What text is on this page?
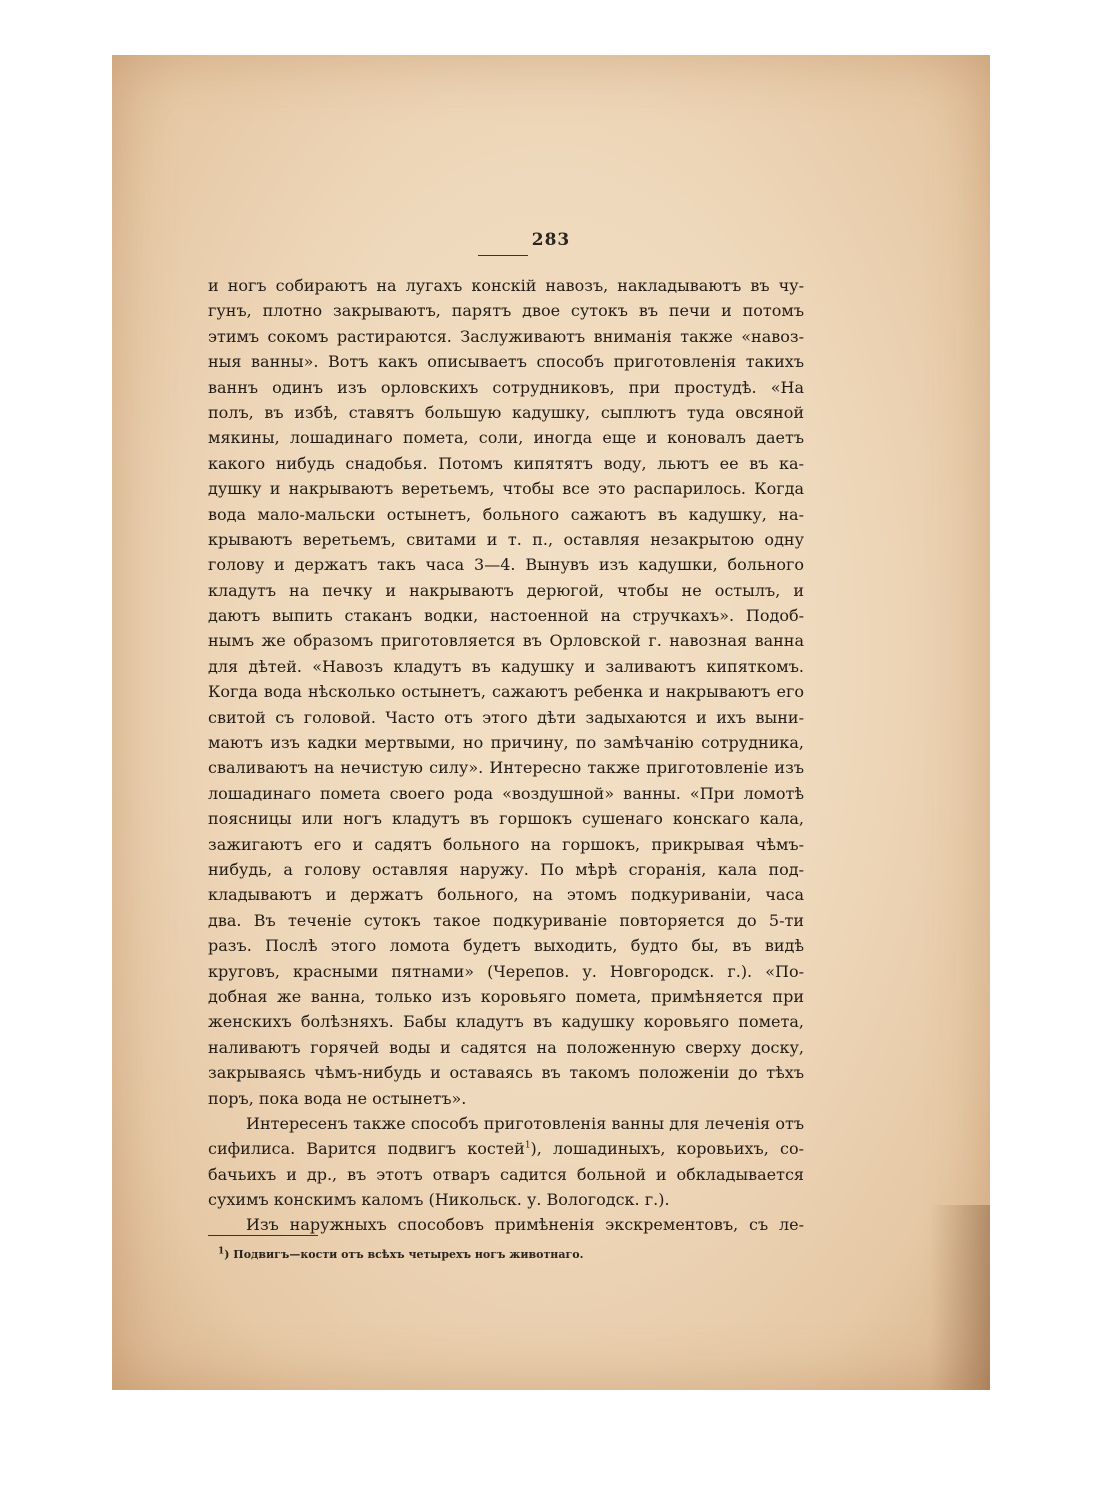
283
и ногъ собираютъ на лугахъ конскій навозъ, накладываютъ въ чу-
гунъ, плотно закрываютъ, парятъ двое сутокъ въ печи и потомъ
этимъ сокомъ растираются. Заслуживаютъ вниманія также «навоз-
ныя ванны». Вотъ какъ описываетъ способъ приготовленія такихъ
ваннъ одинъ изъ орловскихъ сотрудниковъ, при простудѣ. «На
полъ, въ избѣ, ставятъ большую кадушку, сыплютъ туда овсяной
мякины, лошадинаго помета, соли, иногда еще и коновалъ даетъ
какого нибудь снадобья. Потомъ кипятятъ воду, льютъ ее въ ка-
душку и накрываютъ веретьемъ, чтобы все это распарилось. Когда
вода мало-мальски остынетъ, больного сажаютъ въ кадушку, на-
крываютъ веретьемъ, свитами и т. п., оставляя незакрытою одну
голову и держатъ такъ часа 3—4. Вынувъ изъ кадушки, больного
кладутъ на печку и накрываютъ дерюгой, чтобы не остылъ, и
даютъ выпить стаканъ водки, настоенной на стручкахъ». Подоб-
нымъ же образомъ приготовляется въ Орловской г. навозная ванна
для дѣтей. «Навозъ кладутъ въ кадушку и заливаютъ кипяткомъ.
Когда вода нѣсколько остынетъ, сажаютъ ребенка и накрываютъ его
свитой съ головой. Часто отъ этого дѣти задыхаются и ихъ выни-
маютъ изъ кадки мертвыми, но причину, по замѣчанію сотрудника,
сваливаютъ на нечистую силу». Интересно также приготовленіе изъ
лошадинаго помета своего рода «воздушной» ванны. «При ломотѣ
поясницы или ногъ кладутъ въ горшокъ сушенаго конскаго кала,
зажигаютъ его и садятъ больного на горшокъ, прикрывая чѣмъ-
нибудь, а голову оставляя наружу. По мѣрѣ сгоранія, кала под-
кладываютъ и держатъ больного, на этомъ подкуриваніи, часа
два. Въ теченіе сутокъ такое подкуриваніе повторяется до 5-ти
разъ. Послѣ этого ломота будетъ выходить, будто бы, въ видѣ
круговъ, красными пятнами» (Черепов. у. Новгородск. г.). «По-
добная же ванна, только изъ коровьяго помета, примѣняется при
женскихъ болѣзняхъ. Бабы кладутъ въ кадушку коровьяго помета,
наливаютъ горячей воды и садятся на положенную сверху доску,
закрываясь чѣмъ-нибудь и оставаясь въ такомъ положеніи до тѣхъ
поръ, пока вода не остынетъ».
Интересенъ также способъ приготовленія ванны для леченія отъ
сифилиса. Варится подвигъ костей$^1$), лошадиныхъ, коровьихъ, со-
бачьихъ и др., въ этотъ отваръ садится больной и обкладывается
сухимъ конскимъ каломъ (Никольск. у. Вологодск. г.).
Изъ наружныхъ способовъ примѣненія экскрементовъ, съ ле-
$^1$) Подвигъ—кости отъ всѣхъ четырехъ ногъ животнаго.
